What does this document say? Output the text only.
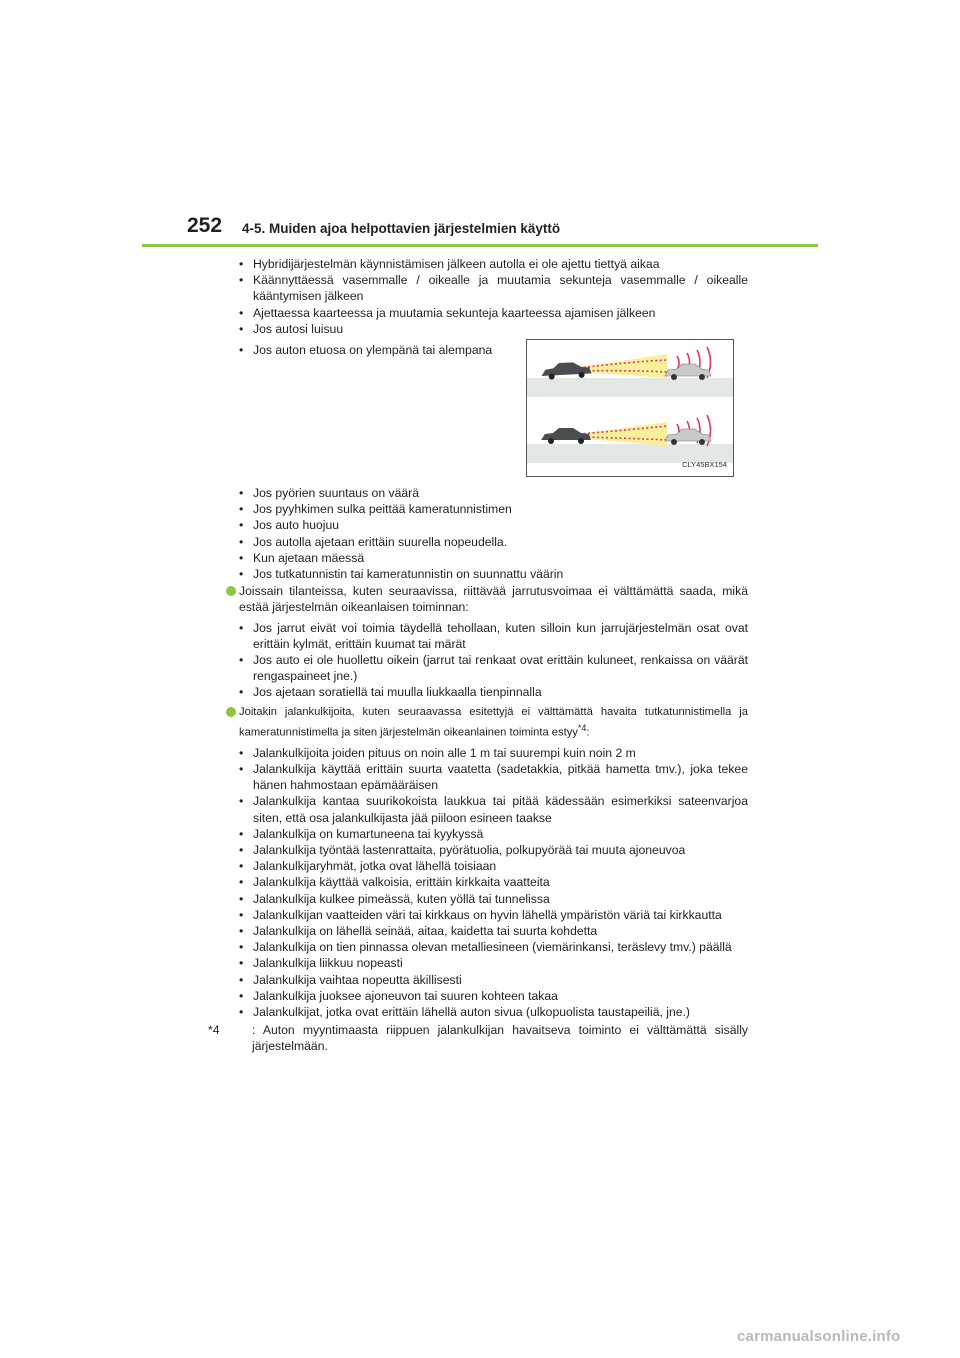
252 4-5. Muiden ajoa helpottavien järjestelmien käyttö
• Hybridijärjestelmän käynnistämisen jälkeen autolla ei ole ajettu tiettyä aikaa
• Käännyttäessä vasemmalle / oikealle ja muutamia sekunteja vasemmalle / oikealle kääntymisen jälkeen
• Ajettaessa kaarteessa ja muutamia sekunteja kaarteessa ajamisen jälkeen
• Jos autosi luisuu
• Jos auton etuosa on ylempänä tai alempana
CLY45BX154
• Jos pyörien suuntaus on väärä
• Jos pyyhkimen sulka peittää kameratunnistimen
• Jos auto huojuu
• Jos autolla ajetaan erittäin suurella nopeudella.
• Kun ajetaan mäessä
• Jos tutkatunnistin tai kameratunnistin on suunnattu väärin
Joissain tilanteissa, kuten seuraavissa, riittävää jarrutusvoimaa ei välttämättä saada, mikä estää järjestelmän oikeanlaisen toiminnan:
• Jos jarrut eivät voi toimia täydellä tehollaan, kuten silloin kun jarrujärjestelmän osat ovat erittäin kylmät, erittäin kuumat tai märät
• Jos auto ei ole huollettu oikein (jarrut tai renkaat ovat erittäin kuluneet, renkaissa on väärät rengaspaineet jne.)
• Jos ajetaan soratiellä tai muulla liukkaalla tienpinnalla
Joitakin jalankulkijoita, kuten seuraavassa esitettyjä ei välttämättä havaita tutkatunnistimella ja kameratunnistimella ja siten järjestelmän oikeanlainen toiminta estyy$^{*4}$:
• Jalankulkijoita joiden pituus on noin alle 1 m tai suurempi kuin noin 2 m
• Jalankulkija käyttää erittäin suurta vaatetta (sadetakkia, pitkää hametta tmv.), joka tekee hänen hahmostaan epämääräisen
• Jalankulkija kantaa suurikokoista laukkua tai pitää kädessään esimerkiksi sateenvarjoa siten, että osa jalankulkijasta jää piiloon esineen taakse
• Jalankulkija on kumartuneena tai kyykyssä
• Jalankulkija työntää lastenrattaita, pyörätuolia, polkupyörää tai muuta ajoneuvoa
• Jalankulkijaryhmät, jotka ovat lähellä toisiaan
• Jalankulkija käyttää valkoisia, erittäin kirkkaita vaatteita
• Jalankulkija kulkee pimeässä, kuten yöllä tai tunnelissa
• Jalankulkijan vaatteiden väri tai kirkkaus on hyvin lähellä ympäristön väriä tai kirkkautta
• Jalankulkija on lähellä seinää, aitaa, kaidetta tai suurta kohdetta
• Jalankulkija on tien pinnassa olevan metalliesineen (viemärinkansi, teräslevy tmv.) päällä
• Jalankulkija liikkuu nopeasti
• Jalankulkija vaihtaa nopeutta äkillisesti
• Jalankulkija juoksee ajoneuvon tai suuren kohteen takaa
• Jalankulkijat, jotka ovat erittäin lähellä auton sivua (ulkopuolista taustapeiliä, jne.)
*4	: Auton myyntimaasta riippuen jalankulkijan havaitseva toiminto ei välttämättä sisälly järjestelmään.
carmanualsonline.info
